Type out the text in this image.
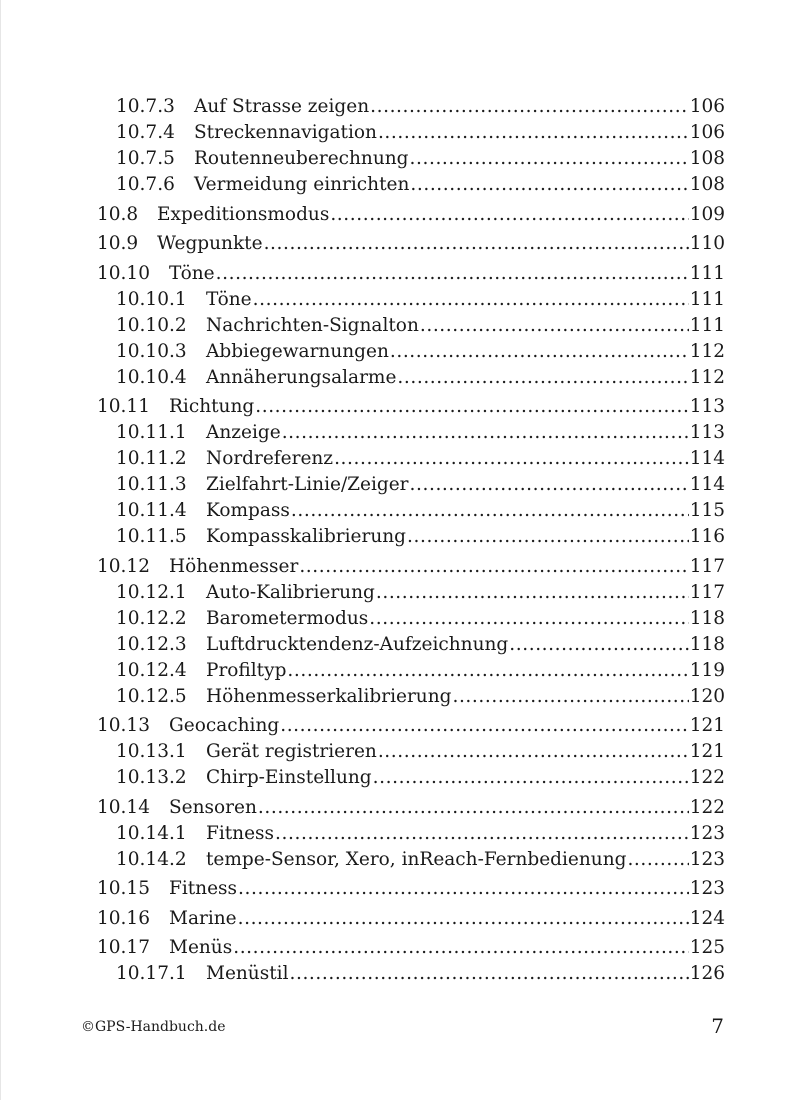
10.7.3	Auf Strasse zeigen .....	106
10.7.4	Streckennavigation .....	106
10.7.5	Routenneuberechnung .....	108
10.7.6	Vermeidung einrichten .....	108
10.8	Expeditionsmodus .....	109
10.9	Wegpunkte .....	110
10.10	Töne .....	111
10.10.1	Töne .....	111
10.10.2	Nachrichten-Signalton .....	111
10.10.3	Abbiegewarnungen .....	112
10.10.4	Annäherungsalarme .....	112
10.11	Richtung .....	113
10.11.1	Anzeige .....	113
10.11.2	Nordreferenz .....	114
10.11.3	Zielfahrt-Linie/Zeiger .....	114
10.11.4	Kompass .....	115
10.11.5	Kompasskalibrierung .....	116
10.12	Höhenmesser .....	117
10.12.1	Auto-Kalibrierung .....	117
10.12.2	Barometermodus .....	118
10.12.3	Luftdrucktendenz-Aufzeichnung .....	118
10.12.4	Profiltyp .....	119
10.12.5	Höhenmesserkalibrierung .....	120
10.13	Geocaching .....	121
10.13.1	Gerät registrieren .....	121
10.13.2	Chirp-Einstellung .....	122
10.14	Sensoren .....	122
10.14.1	Fitness .....	123
10.14.2	tempe-Sensor, Xero, inReach-Fernbedienung .....	123
10.15	Fitness .....	123
10.16	Marine .....	124
10.17	Menüs .....	125
10.17.1	Menüstil .....	126
©GPS-Handbuch.de	7
